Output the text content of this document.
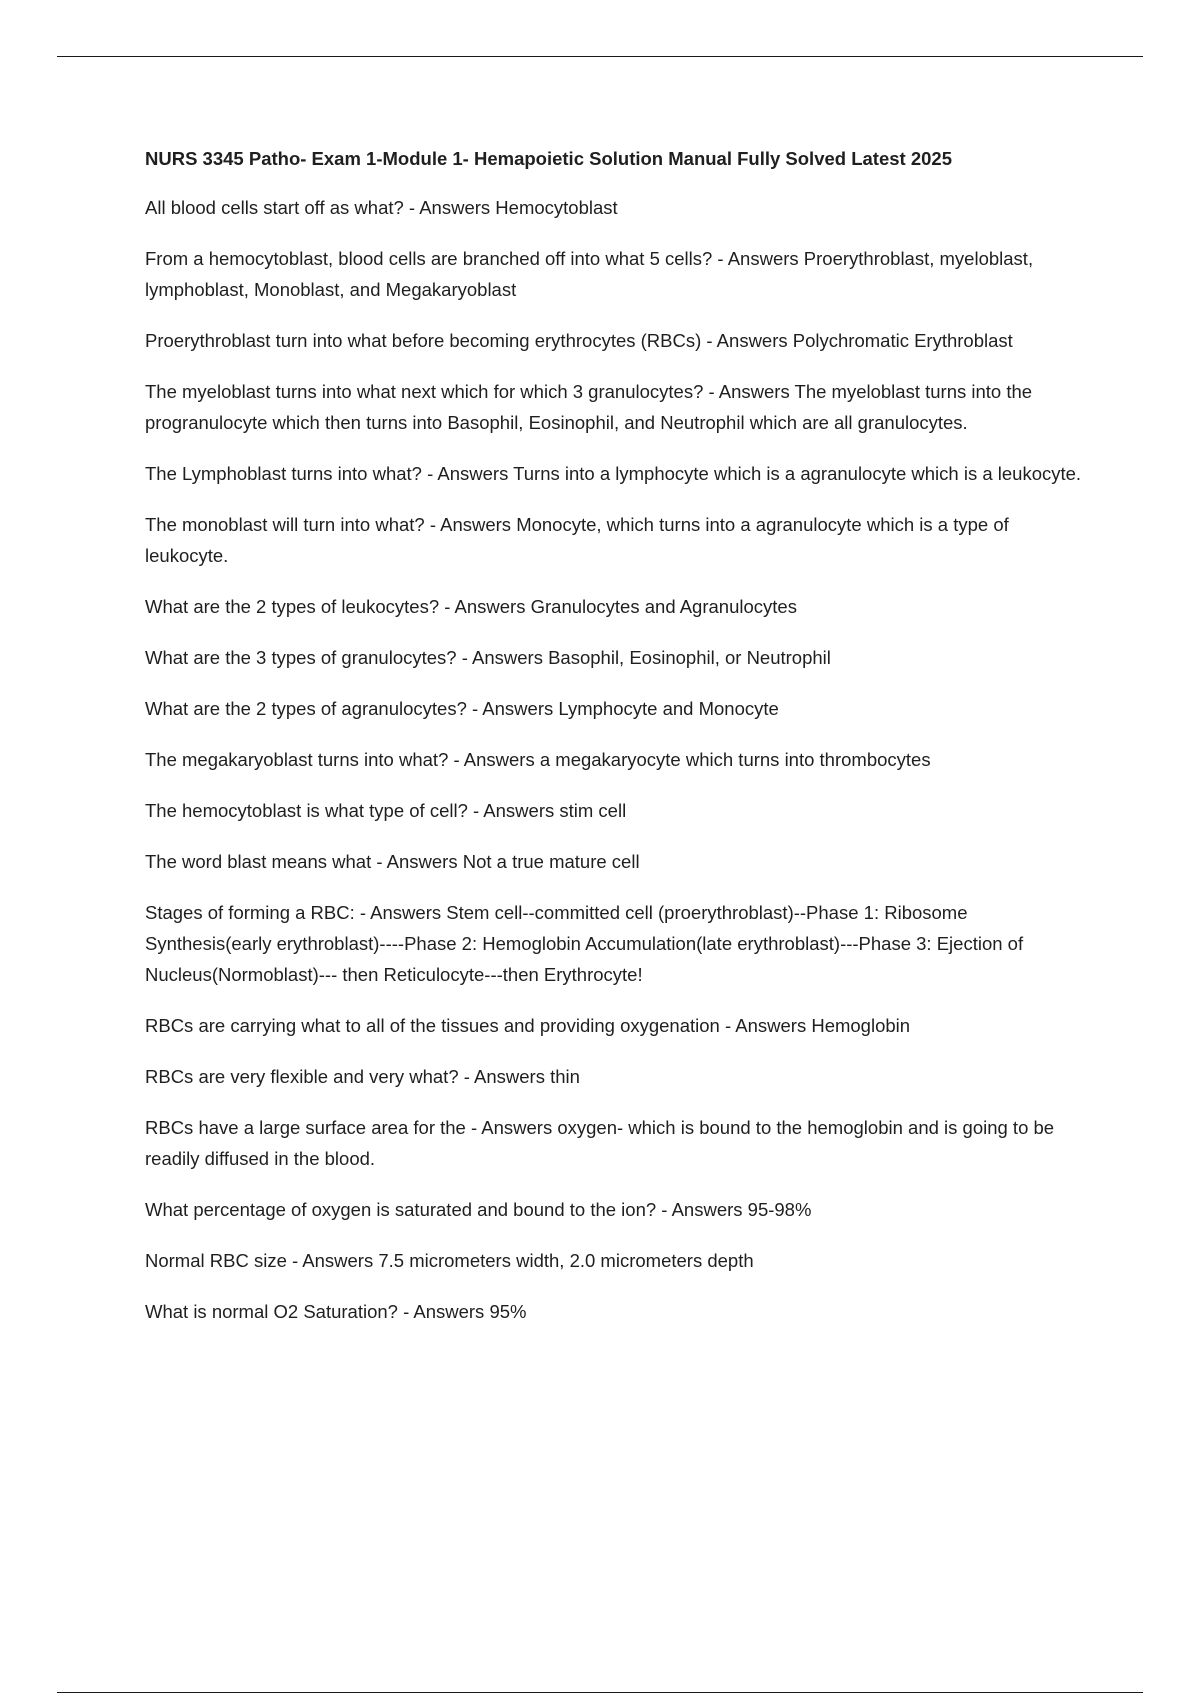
NURS 3345 Patho- Exam 1-Module 1- Hemapoietic Solution Manual Fully Solved Latest 2025

All blood cells start off as what? - Answers Hemocytoblast

From a hemocytoblast, blood cells are branched off into what 5 cells? - Answers Proerythroblast, myeloblast, lymphoblast, Monoblast, and Megakaryoblast

Proerythroblast turn into what before becoming erythrocytes (RBCs) - Answers Polychromatic Erythroblast

The myeloblast turns into what next which for which 3 granulocytes? - Answers The myeloblast turns into the progranulocyte which then turns into Basophil, Eosinophil, and Neutrophil which are all granulocytes.

The Lymphoblast turns into what? - Answers Turns into a lymphocyte which is a agranulocyte which is a leukocyte.

The monoblast will turn into what? - Answers Monocyte, which turns into a agranulocyte which is a type of leukocyte.

What are the 2 types of leukocytes? - Answers Granulocytes and Agranulocytes

What are the 3 types of granulocytes? - Answers Basophil, Eosinophil, or Neutrophil

What are the 2 types of agranulocytes? - Answers Lymphocyte and Monocyte

The megakaryoblast turns into what? - Answers a megakaryocyte which turns into thrombocytes

The hemocytoblast is what type of cell? - Answers stim cell

The word blast means what - Answers Not a true mature cell

Stages of forming a RBC: - Answers Stem cell--committed cell (proerythroblast)--Phase 1: Ribosome Synthesis(early erythroblast)----Phase 2: Hemoglobin Accumulation(late erythroblast)---Phase 3: Ejection of Nucleus(Normoblast)--- then Reticulocyte---then Erythrocyte!

RBCs are carrying what to all of the tissues and providing oxygenation - Answers Hemoglobin

RBCs are very flexible and very what? - Answers thin

RBCs have a large surface area for the - Answers oxygen- which is bound to the hemoglobin and is going to be readily diffused in the blood.

What percentage of oxygen is saturated and bound to the ion? - Answers 95-98%

Normal RBC size - Answers 7.5 micrometers width, 2.0 micrometers depth

What is normal O2 Saturation? - Answers 95%
